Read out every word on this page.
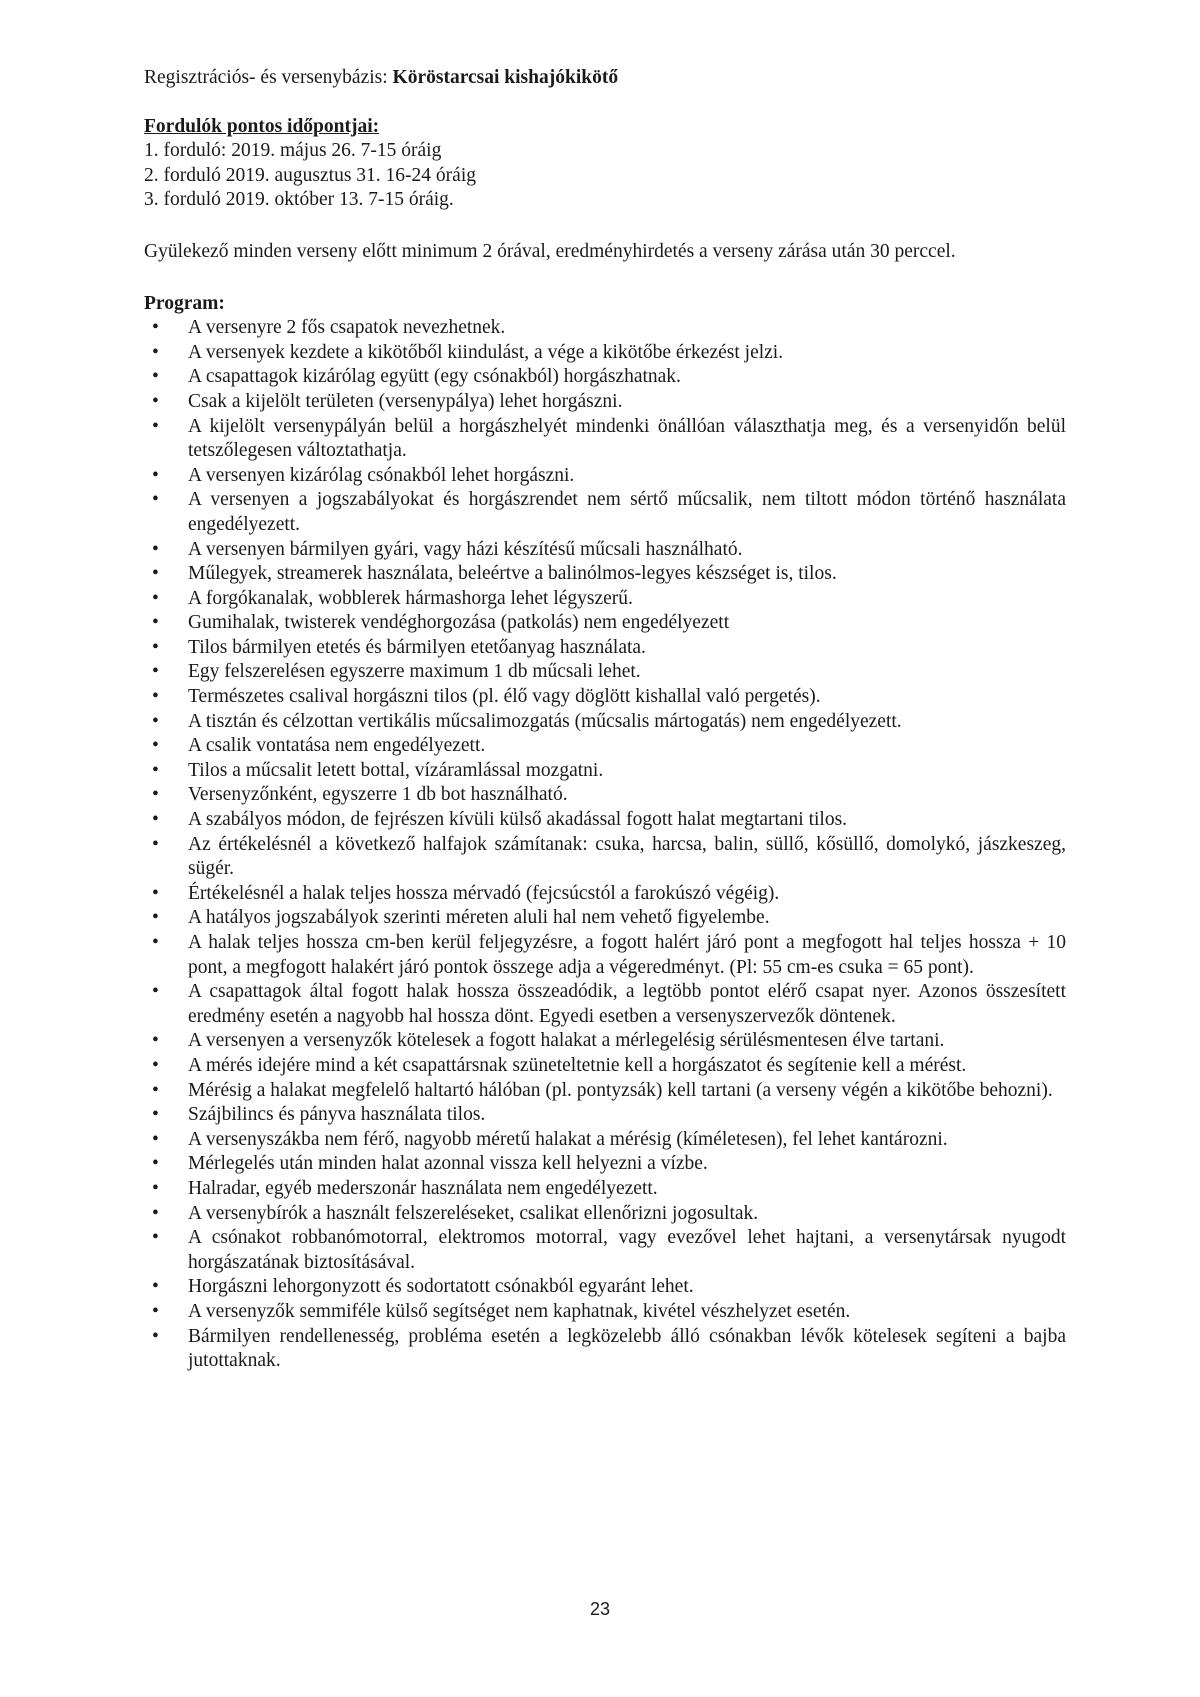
Regisztrációs- és versenybázis: Köröstarcsai kishajókikötő

Fordulók pontos időpontjai:

1. forduló: 2019. május 26. 7-15 óráig

2. forduló 2019. augusztus 31. 16-24 óráig

3. forduló 2019. október 13. 7-15 óráig.

Gyülekező minden verseny előtt minimum 2 órával, eredményhirdetés a verseny zárása után 30 perccel.

Program:

• A versenyre 2 fős csapatok nevezhetnek.
• A versenyek kezdete a kikötőből kiindulást, a vége a kikötőbe érkezést jelzi.
• A csapattagok kizárólag együtt (egy csónakból) horgászhatnak.
• Csak a kijelölt területen (versenypálya) lehet horgászni.
• A kijelölt versenypályán belül a horgászhelyét mindenki önállóan választhatja meg, és a versenyidőn belül tetszőlegesen változtathatja.
• A versenyen kizárólag csónakból lehet horgászni.
• A versenyen a jogszabályokat és horgászrendet nem sértő műcsalik, nem tiltott módon történő használata engedélyezett.
• A versenyen bármilyen gyári, vagy házi készítésű műcsali használható.
• Műlegyek, streamerek használata, beleértve a balinólmos-legyes készséget is, tilos.
• A forgókanalak, wobblerek hármashorga lehet légyszerű.
• Gumihalak, twisterek vendéghorgozása (patkolás) nem engedélyezett
• Tilos bármilyen etetés és bármilyen etetőanyag használata.
• Egy felszerelésen egyszerre maximum 1 db műcsali lehet.
• Természetes csalival horgászni tilos (pl. élő vagy döglött kishallal való pergetés).
• A tisztán és célzottan vertikális műcsalimozgatás (műcsalis mártogatás) nem engedélyezett.
• A csalik vontatása nem engedélyezett.
• Tilos a műcsalit letett bottal, vízáramlással mozgatni.
• Versenyzőnként, egyszerre 1 db bot használható.
• A szabályos módon, de fejrészen kívüli külső akadással fogott halat megtartani tilos.
• Az értékelésnél a következő halfajok számítanak: csuka, harcsa, balin, süllő, kősüllő, domolykó, jászkeszeg, sügér.
• Értékelésnél a halak teljes hossza mérvadó (fejcsúcstól a farokúszó végéig).
• A hatályos jogszabályok szerinti méreten aluli hal nem vehető figyelembe.
• A halak teljes hossza cm-ben kerül feljegyzésre, a fogott halért járó pont a megfogott hal teljes hossza + 10 pont, a megfogott halakért járó pontok összege adja a végeredményt. (Pl: 55 cm-es csuka = 65 pont).
• A csapattagok által fogott halak hossza összeadódik, a legtöbb pontot elérő csapat nyer. Azonos összesített eredmény esetén a nagyobb hal hossza dönt. Egyedi esetben a versenyszervezők döntenek.
• A versenyen a versenyzők kötelesek a fogott halakat a mérlegelésig sérülésmentesen élve tartani.
• A mérés idejére mind a két csapattársnak szüneteltetnie kell a horgászatot és segítenie kell a mérést.
• Mérésig a halakat megfelelő haltartó hálóban (pl. pontyzsák) kell tartani (a verseny végén a kikötőbe behozni).
• Szájbilincs és pányva használata tilos.
• A versenyszákba nem férő, nagyobb méretű halakat a mérésig (kíméletesen), fel lehet kantározni.
• Mérlegelés után minden halat azonnal vissza kell helyezni a vízbe.
• Halradar, egyéb mederszonár használata nem engedélyezett.
• A versenybírók a használt felszereléseket, csalikat ellenőrizni jogosultak.
• A csónakot robbanómotorral, elektromos motorral, vagy evezővel lehet hajtani, a versenytársak nyugodt horgászatának biztosításával.
• Horgászni lehorgonyzott és sodortatott csónakból egyaránt lehet.
• A versenyzők semmiféle külső segítséget nem kaphatnak, kivétel vészhelyzet esetén.
• Bármilyen rendellenesség, probléma esetén a legközelebb álló csónakban lévők kötelesek segíteni a bajba jutottaknak.
23
